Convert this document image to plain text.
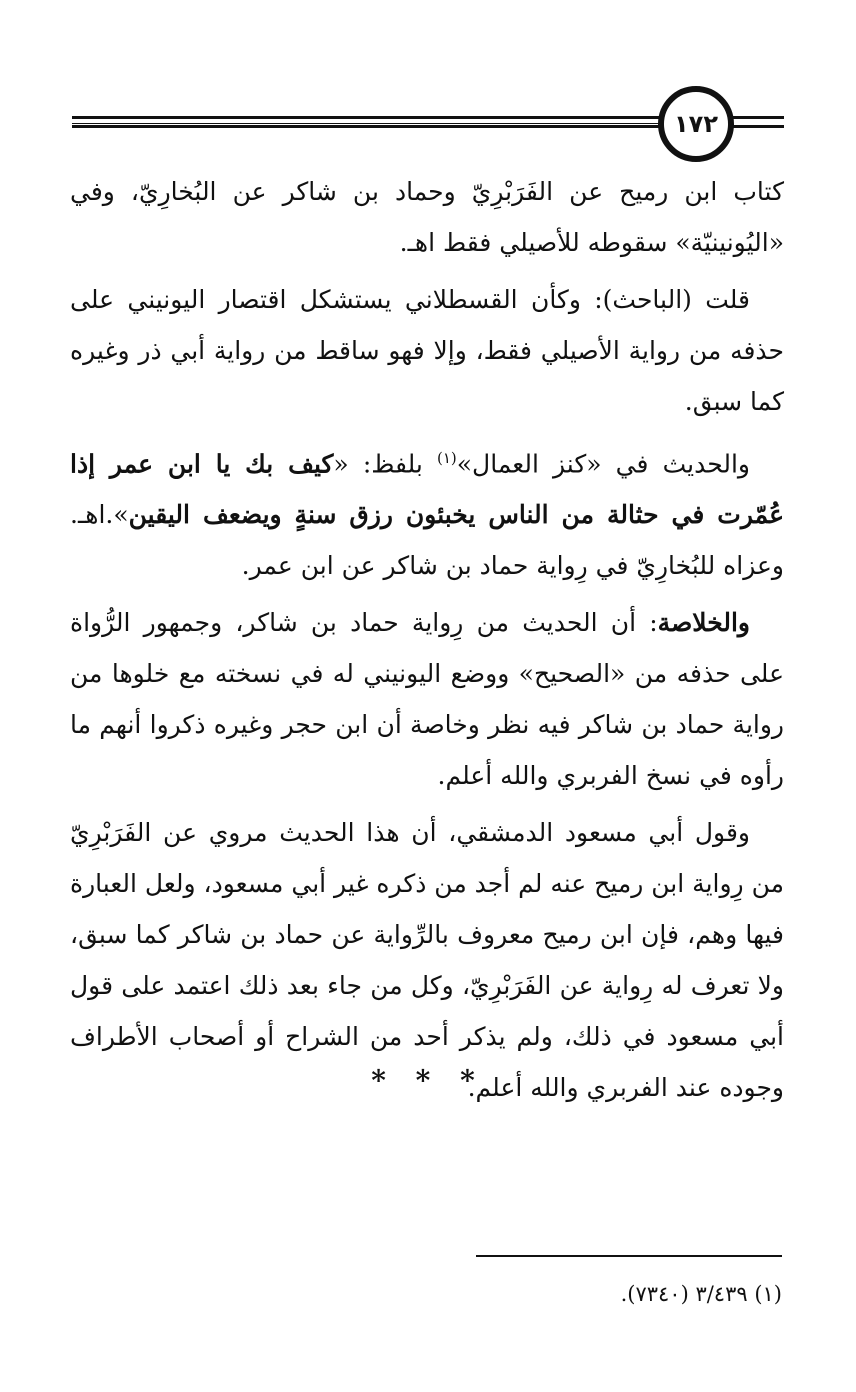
١٧٢

كتاب ابن رميح عن الفَرَبْرِيّ وحماد بن شاكر عن البُخارِيّ، وفي «اليُونينيّة» سقوطه للأصيلي فقط اهـ.

قلت (الباحث): وكأن القسطلاني يستشكل اقتصار اليونيني على حذفه من رواية الأصيلي فقط، وإلا فهو ساقط من رواية أبي ذر وغيره كما سبق.

والحديث في «كنز العمال»$^{(١)}$ بلفظ: «كيف بك يا ابن عمر إذا عُمّرت في حثالة من الناس يخبئون رزق سنةٍ ويضعف اليقين».اهـ. وعزاه للبُخارِيّ في رِواية حماد بن شاكر عن ابن عمر.

والخلاصة: أن الحديث من رِواية حماد بن شاكر، وجمهور الرُّواة على حذفه من «الصحيح» ووضع اليونيني له في نسخته مع خلوها من رواية حماد بن شاكر فيه نظر وخاصة أن ابن حجر وغيره ذكروا أنهم ما رأوه في نسخ الفربري والله أعلم.

وقول أبي مسعود الدمشقي، أن هذا الحديث مروي عن الفَرَبْرِيّ من رِواية ابن رميح عنه لم أجد من ذكره غير أبي مسعود، ولعل العبارة فيها وهم، فإن ابن رميح معروف بالرِّواية عن حماد بن شاكر كما سبق، ولا تعرف له رِواية عن الفَرَبْرِيّ، وكل من جاء بعد ذلك اعتمد على قول أبي مسعود في ذلك، ولم يذكر أحد من الشراح أو أصحاب الأطراف وجوده عند الفربري والله أعلم.

* * *
(١) ٣/٤٣٩ (٧٣٤٠).
